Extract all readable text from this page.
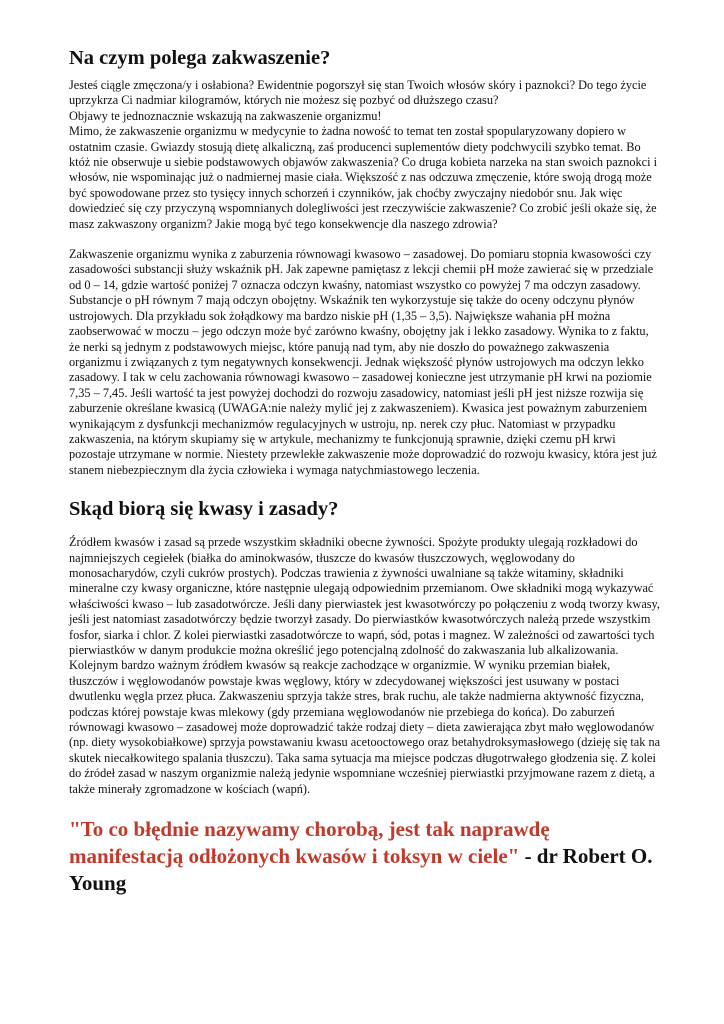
Na czym polega zakwaszenie?

Jesteś ciągle zmęczona/y i osłabiona? Ewidentnie pogorszył się stan Twoich włosów skóry i paznokci? Do tego życie uprzykrza Ci nadmiar kilogramów, których nie możesz się pozbyć od dłuższego czasu?

Objawy te jednoznacznie wskazują na zakwaszenie organizmu!

Mimo, że zakwaszenie organizmu w medycynie to żadna nowość to temat ten został spopularyzowany dopiero w ostatnim czasie. Gwiazdy stosują dietę alkaliczną, zaś producenci suplementów diety podchwycili szybko temat. Bo któż nie obserwuje u siebie podstawowych objawów zakwaszenia? Co druga kobieta narzeka na stan swoich paznokci i włosów, nie wspominając już o nadmiernej masie ciała. Większość z nas odczuwa zmęczenie, które swoją drogą może być spowodowane przez sto tysięcy innych schorzeń i czynników, jak choćby zwyczajny niedobór snu. Jak więc dowiedzieć się czy przyczyną wspomnianych dolegliwości jest rzeczywiście zakwaszenie? Co zrobić jeśli okaże się, że masz zakwaszony organizm? Jakie mogą być tego konsekwencje dla naszego zdrowia?

Zakwaszenie organizmu wynika z zaburzenia równowagi kwasowo – zasadowej. Do pomiaru stopnia kwasowości czy zasadowości substancji służy wskaźnik pH. Jak zapewne pamiętasz z lekcji chemii pH może zawierać się w przedziale od 0 – 14, gdzie wartość poniżej 7 oznacza odczyn kwaśny, natomiast wszystko co powyżej 7 ma odczyn zasadowy. Substancje o pH równym 7 mają odczyn obojętny. Wskaźnik ten wykorzystuje się także do oceny odczynu płynów ustrojowych. Dla przykładu sok żołądkowy ma bardzo niskie pH (1,35 – 3,5). Największe wahania pH można zaobserwować w moczu – jego odczyn może być zarówno kwaśny, obojętny jak i lekko zasadowy. Wynika to z faktu, że nerki są jednym z podstawowych miejsc, które panują nad tym, aby nie doszło do poważnego zakwaszenia organizmu i związanych z tym negatywnych konsekwencji. Jednak większość płynów ustrojowych ma odczyn lekko zasadowy. I tak w celu zachowania równowagi kwasowo – zasadowej konieczne jest utrzymanie pH krwi na poziomie 7,35 – 7,45. Jeśli wartość ta jest powyżej dochodzi do rozwoju zasadowicy, natomiast jeśli pH jest niższe rozwija się zaburzenie określane kwasicą (UWAGA:nie należy mylić jej z zakwaszeniem). Kwasica jest poważnym zaburzeniem wynikającym z dysfunkcji mechanizmów regulacyjnych w ustroju, np. nerek czy płuc. Natomiast w przypadku zakwaszenia, na którym skupiamy się w artykule, mechanizmy te funkcjonują sprawnie, dzięki czemu pH krwi pozostaje utrzymane w normie. Niestety przewlekłe zakwaszenie może doprowadzić do rozwoju kwasicy, która jest już stanem niebezpiecznym dla życia człowieka i wymaga natychmiastowego leczenia.

Skąd biorą się kwasy i zasady?

Źródłem kwasów i zasad są przede wszystkim składniki obecne żywności. Spożyte produkty ulegają rozkładowi do najmniejszych cegiełek (białka do aminokwasów, tłuszcze do kwasów tłuszczowych, węglowodany do monosacharydów, czyli cukrów prostych). Podczas trawienia z żywności uwalniane są także witaminy, składniki mineralne czy kwasy organiczne, które następnie ulegają odpowiednim przemianom. Owe składniki mogą wykazywać właściwości kwaso – lub zasadotwórcze. Jeśli dany pierwiastek jest kwasotwórczy po połączeniu z wodą tworzy kwasy, jeśli jest natomiast zasadotwórczy będzie tworzył zasady. Do pierwiastków kwasotwórczych należą przede wszystkim fosfor, siarka i chlor. Z kolei pierwiastki zasadotwórcze to wapń, sód, potas i magnez. W zależności od zawartości tych pierwiastków w danym produkcie można określić jego potencjalną zdolność do zakwaszania lub alkalizowania. Kolejnym bardzo ważnym źródłem kwasów są reakcje zachodzące w organizmie. W wyniku przemian białek, tłuszczów i węglowodanów powstaje kwas węglowy, który w zdecydowanej większości jest usuwany w postaci dwutlenku węgla przez płuca. Zakwaszeniu sprzyja także stres, brak ruchu, ale także nadmierna aktywność fizyczna, podczas której powstaje kwas mlekowy (gdy przemiana węglowodanów nie przebiega do końca). Do zaburzeń równowagi kwasowo – zasadowej może doprowadzić także rodzaj diety – dieta zawierająca zbyt mało węglowodanów (np. diety wysokobiałkowe) sprzyja powstawaniu kwasu acetooctowego oraz betahydroksymasłowego (dzieję się tak na skutek niecałkowitego spalania tłuszczu). Taka sama sytuacja ma miejsce podczas długotrwałego głodzenia się. Z kolei do źródeł zasad w naszym organizmie należą jedynie wspomniane wcześniej pierwiastki przyjmowane razem z dietą, a także minerały zgromadzone w kościach (wapń).

"To co błędnie nazywamy chorobą, jest tak naprawdę manifestacją odłożonych kwasów i toksyn w ciele" - dr Robert O. Young
